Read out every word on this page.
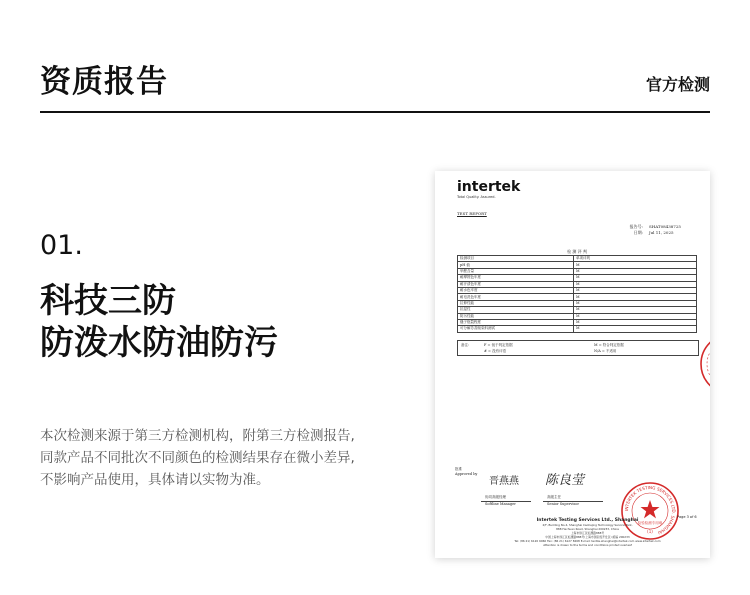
资质报告	官方检测
01.
科技三防
防泼水防油防污
本次检测来源于第三方检测机构，附第三方检测报告,
同款产品不同批次不同颜色的检测结果存在微小差异,
不影响产品使用，具体请以实物为准。
intertek
Total Quality. Assured.
TEST REPORT
报告号: SHAT08438725
日期: Jul 11, 2025
检 测 评 判
检测项目	单项评判
pH 值	M
甲醛含量	M
耐摩擦色牢度	M
耐汗渍色牢度	M
耐水色牢度	M
耐皂洗色牢度	M
拉伸性能	M
抗湿性	M
防污性能	M
缝子纰裂程度	M
可分解芳香胺染料测试	M
备注:	F = 低于判定依据
# = 没有评语
M = 符合判定依据
N/A = 不适用
批准
Approved by
晋燕燕 陈良莹
协同高级经理
Softline Manager
高级主任
Senior Supervisor
INTERTEK TESTING SERVICES LTD. SHANGHAI
检验检测专用章
(1)
Page 3 of 6
Intertek Testing Services Ltd., Shanghai
2/F, Building No.4, Shanghai Caohejing Technology Service Park,
888 Hechuan Road, Shanghai 200233, China
上海市徐汇区虹漕路888号
中国上海市徐汇区虹漕路888号(上海市国家级开发区) 邮编 200233
Tel: (86 21) 6120 6060 Fax: (86 21) 6127 8268 E-mail: textile.shanghai@intertek.com www.intertek.com
Attention is drawn to the terms and conditions printed overleaf
